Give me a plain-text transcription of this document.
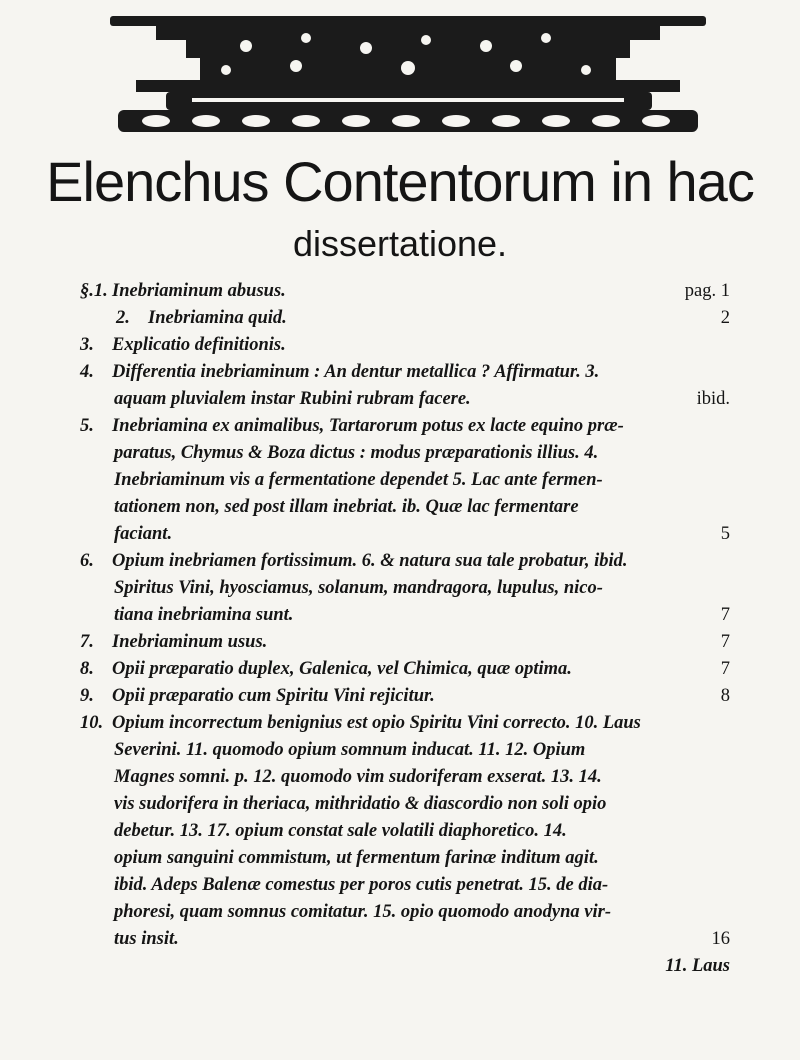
Elenchus Contentorum in hac
dissertatione.
§.1. Inebriaminum abusus.	pag. 1
2. Inebriamina quid.	2
3. Explicatio definitionis.
4. Differentia inebriaminum : An dentur metallica ? Affirmatur. 3.
aquam pluvialem instar Rubini rubram facere.	ibid.
5. Inebriamina ex animalibus, Tartarorum potus ex lacte equino præ-
paratus, Chymus & Boza dictus : modus præparationis illius. 4.
Inebriaminum vis a fermentatione dependet 5. Lac ante fermen-
tationem non, sed post illam inebriat. ib. Quæ lac fermentare
faciant.	5
6. Opium inebriamen fortissimum. 6. & natura sua tale probatur, ibid.
Spiritus Vini, hyosciamus, solanum, mandragora, lupulus, nico-
tiana inebriamina sunt.	7
7. Inebriaminum usus.	7
8. Opii præparatio duplex, Galenica, vel Chimica, quæ optima.	7
9. Opii præparatio cum Spiritu Vini rejicitur.	8
10. Opium incorrectum benignius est opio Spiritu Vini correcto. 10. Laus
Severini. 11. quomodo opium somnum inducat. 11. 12. Opium
Magnes somni. p. 12. quomodo vim sudoriferam exserat. 13. 14.
vis sudorifera in theriaca, mithridatio & diascordio non soli opio
debetur. 13. 17. opium constat sale volatili diaphoretico. 14.
opium sanguini commistum, ut fermentum farinæ inditum agit.
ibid. Adeps Balenæ comestus per poros cutis penetrat. 15. de dia-
phoresi, quam somnus comitatur. 15. opio quomodo anodyna vir-
tus insit.	16
11. Laus
